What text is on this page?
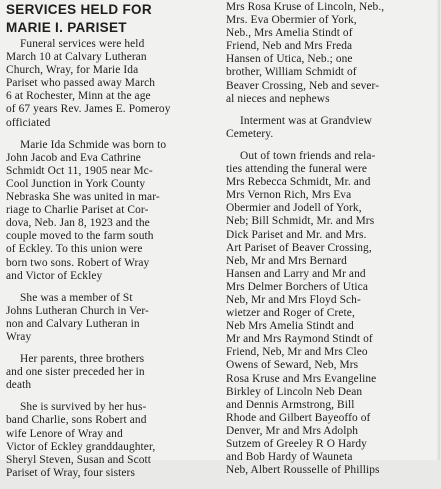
SERVICES HELD FOR
MARIE I. PARISET

Funeral services were held
March 10 at Calvary Lutheran
Church, Wray, for Marie Ida
Pariset who passed away March
6 at Rochester, Minn at the age
of 67 years Rev. James E. Pomeroy
officiated

Marie Ida Schmide was born to
John Jacob and Eva Cathrine
Schmidt Oct 11, 1905 near Mc-
Cool Junction in York County
Nebraska She was united in mar-
riage to Charlie Pariset at Cor-
dova, Neb. Jan 8, 1923 and the
couple moved to the farm south
of Eckley. To this union were
born two sons. Robert of Wray
and Victor of Eckley

She was a member of St
Johns Lutheran Church in Ver-
non and Calvary Lutheran in
Wray

Her parents, three brothers
and one sister preceded her in
death

She is survived by her hus-
band Charlie, sons Robert and
wife Lenore of Wray and
Victor of Eckley granddaughter,
Sheryl Steven, Susan and Scott
Pariset of Wray, four sisters

Mrs Rosa Kruse of Lincoln, Neb.,
Mrs. Eva Obermier of York,
Neb., Mrs Amelia Stindt of
Friend, Neb and Mrs Freda
Hansen of Utica, Neb.; one
brother, William Schmidt of
Beaver Crossing, Neb and sever-
al nieces and nephews

Interment was at Grandview
Cemetery.

Out of town friends and rela-
ties attending the funeral were
Mrs Rebecca Schmidt, Mr. and
Mrs Vernon Rich, Mrs Eva
Obermier and Jodell of York,
Neb; Bill Schmidt, Mr. and Mrs
Dick Pariset and Mr. and Mrs.
Art Pariset of Beaver Crossing,
Neb, Mr and Mrs Bernard
Hansen and Larry and Mr and
Mrs Delmer Borchers of Utica
Neb, Mr and Mrs Floyd Sch-
wietzer and Roger of Crete,
Neb Mrs Amelia Stindt and
Mr and Mrs Raymond Stindt of
Friend, Neb, Mr and Mrs Cleo
Owens of Seward, Neb, Mrs
Rosa Kruse and Mrs Evangeline
Birkley of Lincoln Neb Dean
and Dennis Armstrong, Bill
Rhode and Gilbert Bayeoffo of
Denver, Mr and Mrs Adolph
Sutzem of Greeley R O Hardy
and Bob Hardy of Wauneta
Neb, Albert Rousselle of Phillips
